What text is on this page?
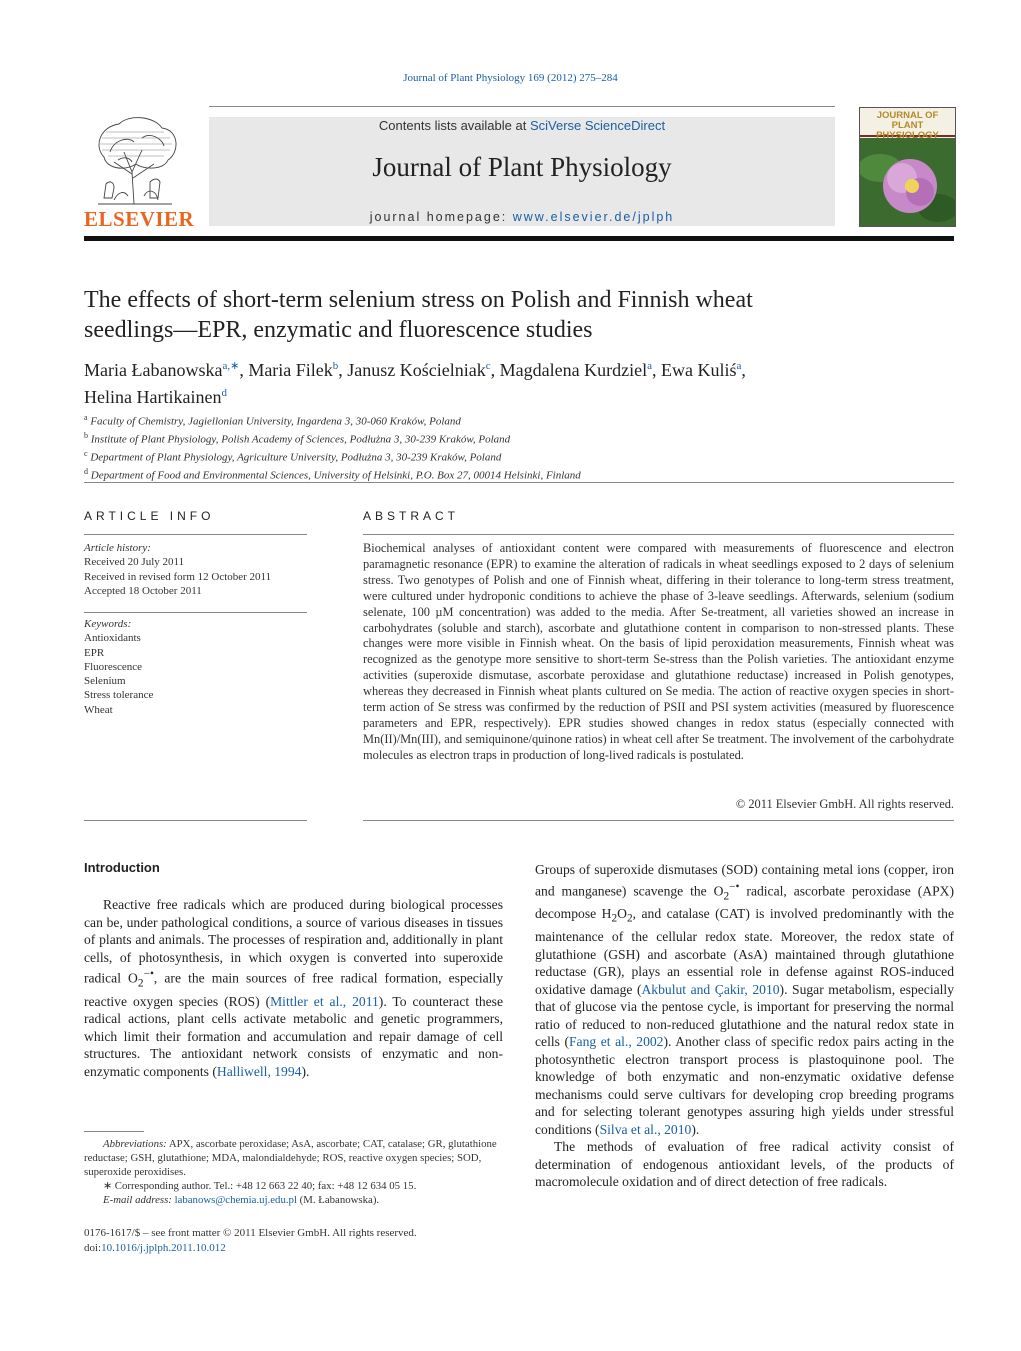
Journal of Plant Physiology 169 (2012) 275–284
ELSEVIER
Contents lists available at SciVerse ScienceDirect
Journal of Plant Physiology
journal homepage: www.elsevier.de/jplph
JOURNAL OF
PLANT PHYSIOLOGY
The effects of short-term selenium stress on Polish and Finnish wheat
seedlings—EPR, enzymatic and fluorescence studies
Maria Łabanowska$^{a,∗}$, Maria Filek$^b$, Janusz Kościelniak$^c$, Magdalena Kurdziel$^a$, Ewa Kuliś$^a$,
Helina Hartikainen$^d$
$^a$ Faculty of Chemistry, Jagiellonian University, Ingardena 3, 30-060 Kraków, Poland
$^b$ Institute of Plant Physiology, Polish Academy of Sciences, Podłużna 3, 30-239 Kraków, Poland
$^c$ Department of Plant Physiology, Agriculture University, Podłużna 3, 30-239 Kraków, Poland
$^d$ Department of Food and Environmental Sciences, University of Helsinki, P.O. Box 27, 00014 Helsinki, Finland
ARTICLE INFO	ABSTRACT
Article history:
Received 20 July 2011
Received in revised form 12 October 2011
Accepted 18 October 2011
Keywords:
Antioxidants
EPR
Fluorescence
Selenium
Stress tolerance
Wheat
Biochemical analyses of antioxidant content were compared with measurements of fluorescence and electron paramagnetic resonance (EPR) to examine the alteration of radicals in wheat seedlings exposed to 2 days of selenium stress. Two genotypes of Polish and one of Finnish wheat, differing in their tolerance to long-term stress treatment, were cultured under hydroponic conditions to achieve the phase of 3-leave seedlings. Afterwards, selenium (sodium selenate, 100 µM concentration) was added to the media. After Se-treatment, all varieties showed an increase in carbohydrates (soluble and starch), ascorbate and glutathione content in comparison to non-stressed plants. These changes were more visible in Finnish wheat. On the basis of lipid peroxidation measurements, Finnish wheat was recognized as the genotype more sensitive to short-term Se-stress than the Polish varieties. The antioxidant enzyme activities (superoxide dismutase, ascorbate peroxidase and glutathione reductase) increased in Polish genotypes, whereas they decreased in Finnish wheat plants cultured on Se media. The action of reactive oxygen species in short-term action of Se stress was confirmed by the reduction of PSII and PSI system activities (measured by fluorescence parameters and EPR, respectively). EPR studies showed changes in redox status (especially connected with Mn(II)/Mn(III), and semiquinone/quinone ratios) in wheat cell after Se treatment. The involvement of the carbohydrate molecules as electron traps in production of long-lived radicals is postulated.
© 2011 Elsevier GmbH. All rights reserved.
Introduction

Reactive free radicals which are produced during biological processes can be, under pathological conditions, a source of various diseases in tissues of plants and animals. The processes of respiration and, additionally in plant cells, of photosynthesis, in which oxygen is converted into superoxide radical $O_2^{-•}$, are the main sources of free radical formation, especially reactive oxygen species (ROS) (Mittler et al., 2011). To counteract these radical actions, plant cells activate metabolic and genetic programmers, which limit their formation and accumulation and repair damage of cell structures. The antioxidant network consists of enzymatic and non-enzymatic components (Halliwell, 1994).

Groups of superoxide dismutases (SOD) containing metal ions (copper, iron and manganese) scavenge the $O_2^{-•}$ radical, ascorbate peroxidase (APX) decompose $H_2O_2$, and catalase (CAT) is involved predominantly with the maintenance of the cellular redox state. Moreover, the redox state of glutathione (GSH) and ascorbate (AsA) maintained through glutathione reductase (GR), plays an essential role in defense against ROS-induced oxidative damage (Akbulut and Çakir, 2010). Sugar metabolism, especially that of glucose via the pentose cycle, is important for preserving the normal ratio of reduced to non-reduced glutathione and the natural redox state in cells (Fang et al., 2002). Another class of specific redox pairs acting in the photosynthetic electron transport process is plastoquinone pool. The knowledge of both enzymatic and non-enzymatic oxidative defense mechanisms could serve cultivars for developing crop breeding programs and for selecting tolerant genotypes assuring high yields under stressful conditions (Silva et al., 2010).

The methods of evaluation of free radical activity consist of determination of endogenous antioxidant levels, of the products of macromolecule oxidation and of direct detection of free radicals.

Abbreviations: APX, ascorbate peroxidase; AsA, ascorbate; CAT, catalase; GR, glutathione reductase; GSH, glutathione; MDA, malondialdehyde; ROS, reactive oxygen species; SOD, superoxide peroxidises.

∗ Corresponding author. Tel.: +48 12 663 22 40; fax: +48 12 634 05 15.

E-mail address: labanows@chemia.uj.edu.pl (M. Łabanowska).

0176-1617/$ – see front matter © 2011 Elsevier GmbH. All rights reserved.
doi:10.1016/j.jplph.2011.10.012
